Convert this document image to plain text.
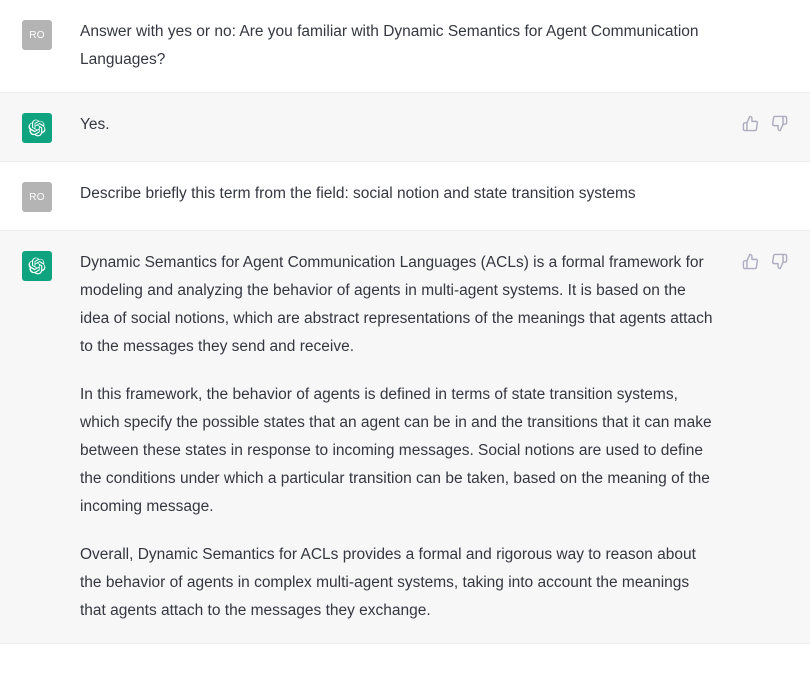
RO Answer with yes or no: Are you familiar with Dynamic Semantics for Agent Communication Languages?

Yes.

RO Describe briefly this term from the field: social notion and state transition systems

Dynamic Semantics for Agent Communication Languages (ACLs) is a formal framework for modeling and analyzing the behavior of agents in multi-agent systems. It is based on the idea of social notions, which are abstract representations of the meanings that agents attach to the messages they send and receive.

In this framework, the behavior of agents is defined in terms of state transition systems, which specify the possible states that an agent can be in and the transitions that it can make between these states in response to incoming messages. Social notions are used to define the conditions under which a particular transition can be taken, based on the meaning of the incoming message.

Overall, Dynamic Semantics for ACLs provides a formal and rigorous way to reason about the behavior of agents in complex multi-agent systems, taking into account the meanings that agents attach to the messages they exchange.
